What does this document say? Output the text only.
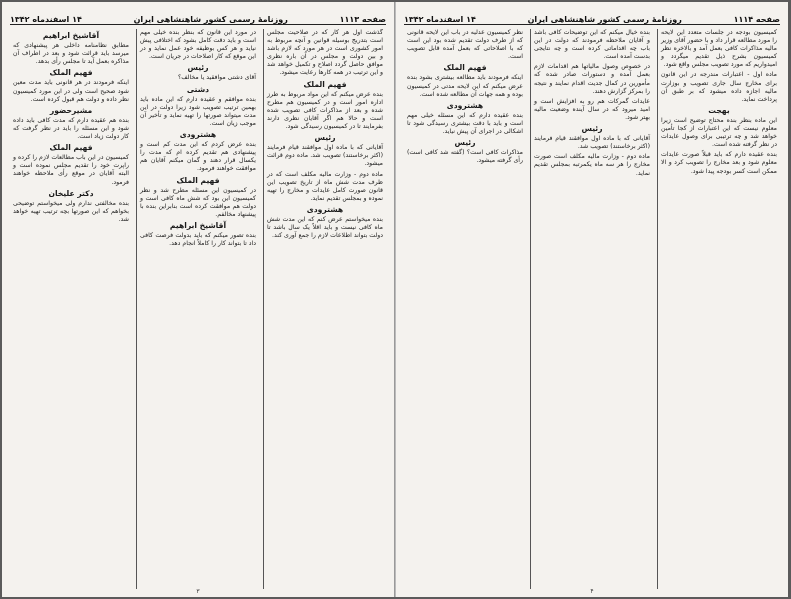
صفحه ۱۱۱۳
روزنامهٔ رسمی کشور شاهنشاهی ایران
۱۴ اسفندماه ۱۳۴۲

گذشت اول هر کار که در صلاحیت مجلس است بتدریج بوسیله قوانین و آنچه مربوط به امور کشوری است در هر مورد که لازم باشد و بین دولت و مجلس در آن باره نظری موافق حاصل گردد اصلاح و تکمیل خواهد شد و این ترتیب در همه کارها رعایت میشود.

فهیم الملک

بنده عرض میکنم که این مواد مربوط به طرز اداره امور است و در کمیسیون هم مطرح شده و بعد از مذاکرات کافی تصویب شده است و حالا هم اگر آقایان نظری دارند بفرمایند تا در کمیسیون رسیدگی شود.

رئیس

آقایانی که با ماده اول موافقند قیام فرمایند (اکثر برخاستند) تصویب شد. ماده دوم قرائت میشود.

ماده دوم - وزارت مالیه مکلف است که در ظرف مدت شش ماه از تاریخ تصویب این قانون صورت کامل عایدات و مخارج را تهیه نموده و بمجلس تقدیم نماید.

هشترودی

بنده میخواستم عرض کنم که این مدت شش ماه کافی نیست و باید اقلاً یک سال باشد تا دولت بتواند اطلاعات لازم را جمع آوری کند.

در مورد این قانون که بنظر بنده خیلی مهم است و باید دقت کامل بشود که اختلافی پیش نیاید و هر کس بوظیفه خود عمل نماید و در این موقع که کار اصلاحات در جریان است.

رئیس

آقای دشتی موافقید یا مخالف؟

دشتی

بنده موافقم و عقیده دارم که این ماده باید بهمین ترتیب تصویب شود زیرا دولت در این مدت میتواند صورتها را تهیه نماید و تأخیر آن موجب زیان است.

هشترودی

بنده عرض کردم که این مدت کم است و پیشنهادی هم تقدیم کرده ام که مدت را یکسال قرار دهند و گمان میکنم آقایان هم موافقت خواهند فرمود.

فهیم الملک

در کمیسیون این مسئله مطرح شد و نظر کمیسیون این بود که شش ماه کافی است و دولت هم موافقت کرده است بنابراین بنده با پیشنهاد مخالفم.

آقاشیخ ابراهیم

بنده تصور میکنم که باید بدولت فرصت کافی داد تا بتواند کار را کاملاً انجام دهد.

آقاشیخ ابراهیم

مطابق نظامنامه داخلی هر پیشنهادی که میرسد باید قرائت شود و بعد در اطراف آن مذاکره بعمل آید تا مجلس رأی بدهد.

فهیم الملک

اینکه فرمودند در هر قانونی باید مدت معین شود صحیح است ولی در این مورد کمیسیون نظر داده و دولت هم قبول کرده است.

مشیرحضور

بنده هم عقیده دارم که مدت کافی باید داده شود و این مسئله را باید در نظر گرفت که کار دولت زیاد است.

فهیم الملک

کمیسیون در این باب مطالعات لازم را کرده و راپرت خود را تقدیم مجلس نموده است و البته آقایان در موقع رأی ملاحظه خواهند فرمود.

دکتر علیخان

بنده مخالفتی ندارم ولی میخواستم توضیحی بخواهم که این صورتها بچه ترتیب تهیه خواهد شد.

۳
صفحه ۱۱۱۴
روزنامهٔ رسمی کشور شاهنشاهی ایران
۱۴ اسفندماه ۱۳۴۲

کمیسیون بودجه در جلسات متعدد این لایحه را مورد مطالعه قرار داد و با حضور آقای وزیر مالیه مذاکرات کافی بعمل آمد و بالاخره نظر کمیسیون بشرح ذیل تقدیم میگردد و امیدواریم که مورد تصویب مجلس واقع شود.

ماده اول - اعتبارات مندرجه در این قانون برای مخارج سال جاری تصویب و بوزارت مالیه اجازه داده میشود که بر طبق آن پرداخت نماید.

بهجت

این ماده بنظر بنده محتاج توضیح است زیرا معلوم نیست که این اعتبارات از کجا تأمین خواهد شد و چه ترتیبی برای وصول عایدات در نظر گرفته شده است.

بنده عقیده دارم که باید قبلاً صورت عایدات معلوم شود و بعد مخارج را تصویب کرد و الا ممکن است کسر بودجه پیدا شود.

بنده خیال میکنم که این توضیحات کافی باشد و آقایان ملاحظه فرمودند که دولت در این باب چه اقداماتی کرده است و چه نتایجی بدست آمده است.

در خصوص وصول مالیاتها هم اقدامات لازم بعمل آمده و دستورات صادر شده که مأمورین در کمال جدیت اقدام نمایند و نتیجه را بمرکز گزارش دهند.

عایدات گمرکات هم رو به افزایش است و امید میرود که در سال آینده وضعیت مالیه بهتر شود.

رئیس

آقایانی که با ماده اول موافقند قیام فرمایند (اکثر برخاستند) تصویب شد.

ماده دوم - وزارت مالیه مکلف است صورت مخارج را هر سه ماه یکمرتبه بمجلس تقدیم نماید.

نظر کمیسیون عدلیه در باب این لایحه قانونی که از طرف دولت تقدیم شده بود این است که با اصلاحاتی که بعمل آمده قابل تصویب است.

فهیم الملک

اینکه فرمودند باید مطالعه بیشتری بشود بنده عرض میکنم که این لایحه مدتی در کمیسیون بوده و همه جهات آن مطالعه شده است.

هشترودی

بنده عقیده دارم که این مسئله خیلی مهم است و باید با دقت بیشتری رسیدگی شود تا اشکالی در اجرای آن پیش نیاید.

رئیس

مذاکرات کافی است؟ (گفته شد کافی است) رأی گرفته میشود.

۴
